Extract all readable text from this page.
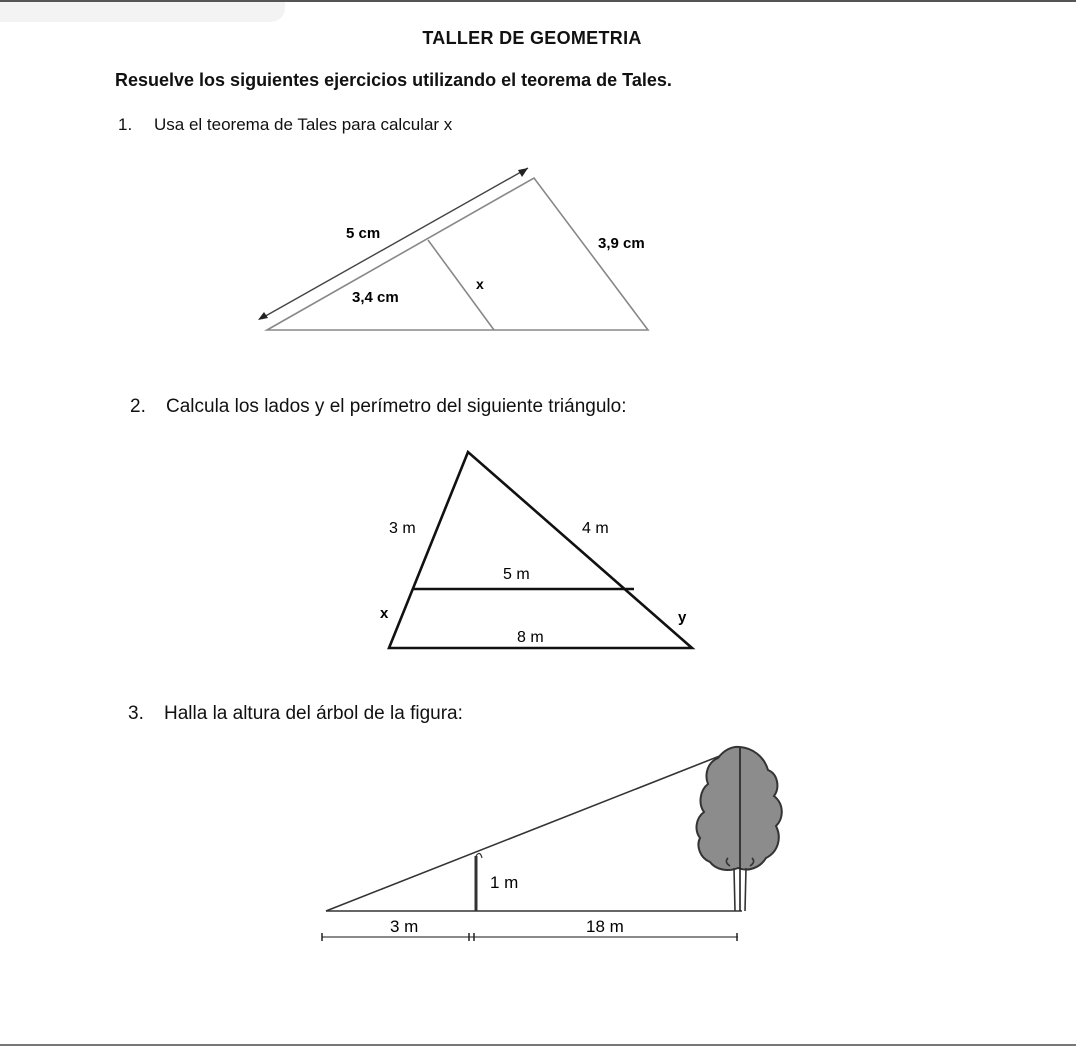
TALLER DE GEOMETRIA
Resuelve los siguientes ejercicios utilizando el teorema de Tales.
1. Usa el teorema de Tales para calcular x
5 cm
3,4 cm
3,9 cm
x
2. Calcula los lados y el perímetro del siguiente triángulo:
3 m	4 m
5 m
x	y
8 m
3. Halla la altura del árbol de la figura:
1 m
3 m	18 m
